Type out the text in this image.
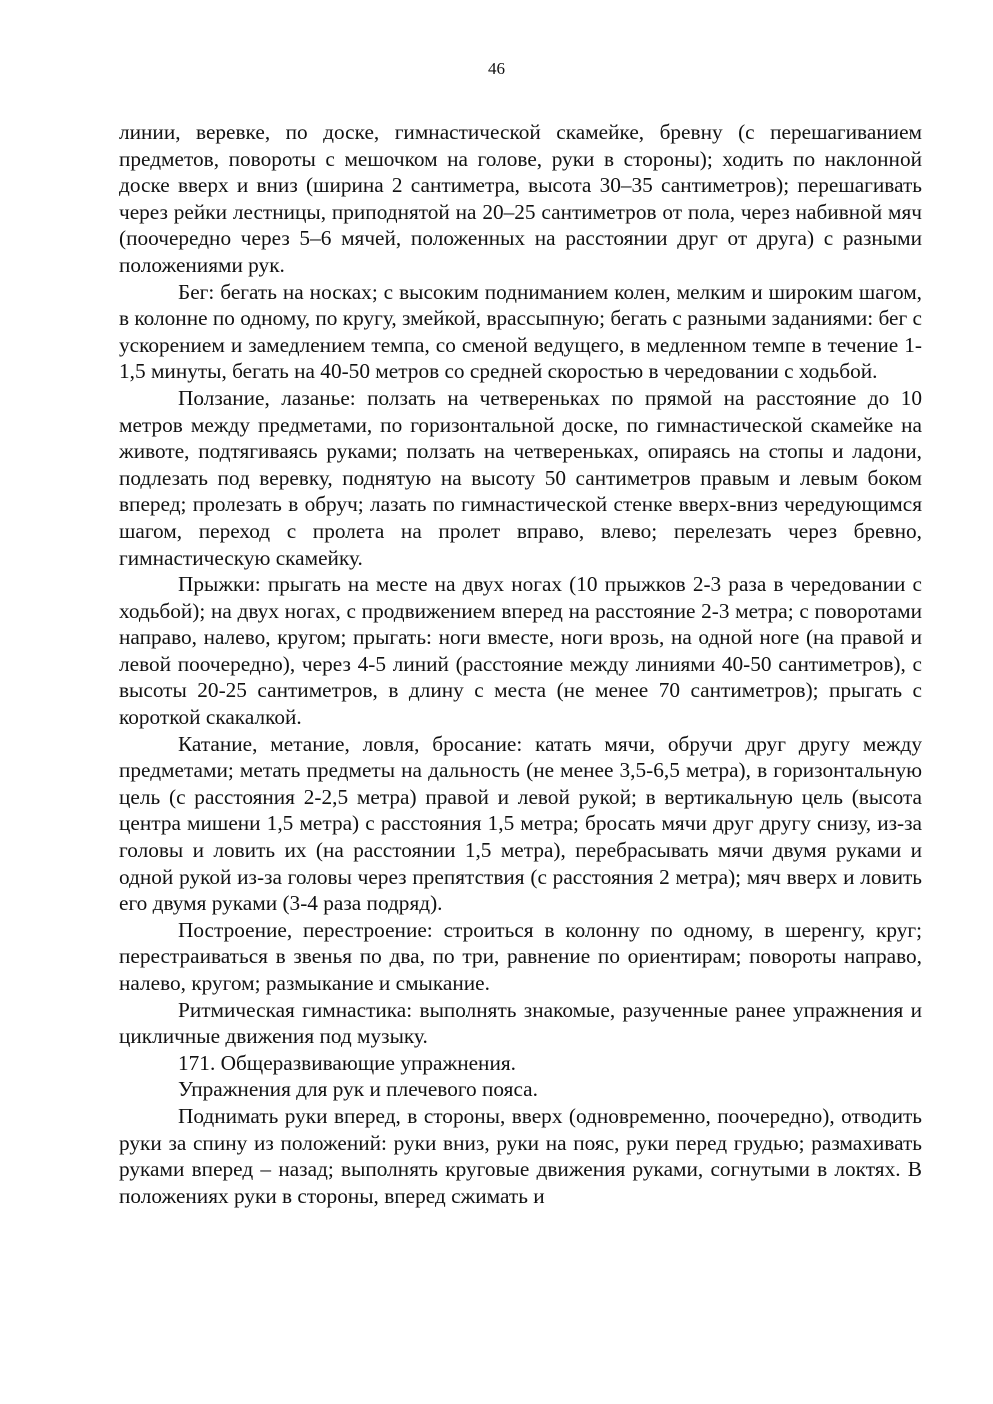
46

линии, веревке, по доске, гимнастической скамейке, бревну (с перешагиванием предметов, повороты с мешочком на голове, руки в стороны); ходить по наклонной доске вверх и вниз (ширина 2 сантиметра, высота 30–35 сантиметров); перешагивать через рейки лестницы, приподнятой на 20–25 сантиметров от пола, через набивной мяч (поочередно через 5–6 мячей, положенных на расстоянии друг от друга) с разными положениями рук.

Бег: бегать на носках; с высоким подниманием колен, мелким и широким шагом, в колонне по одному, по кругу, змейкой, врассыпную; бегать с разными заданиями: бег с ускорением и замедлением темпа, со сменой ведущего, в медленном темпе в течение 1-1,5 минуты, бегать на 40-50 метров со средней скоростью в чередовании с ходьбой.

Ползание, лазанье: ползать на четвереньках по прямой на расстояние до 10 метров между предметами, по горизонтальной доске, по гимнастической скамейке на животе, подтягиваясь руками; ползать на четвереньках, опираясь на стопы и ладони, подлезать под веревку, поднятую на высоту 50 сантиметров правым и левым боком вперед; пролезать в обруч; лазать по гимнастической стенке вверх-вниз чередующимся шагом, переход с пролета на пролет вправо, влево; перелезать через бревно, гимнастическую скамейку.

Прыжки: прыгать на месте на двух ногах (10 прыжков 2-3 раза в чередовании с ходьбой); на двух ногах, с продвижением вперед на расстояние 2-3 метра; с поворотами направо, налево, кругом; прыгать: ноги вместе, ноги врозь, на одной ноге (на правой и левой поочередно), через 4-5 линий (расстояние между линиями 40-50 сантиметров), с высоты 20-25 сантиметров, в длину с места (не менее 70 сантиметров); прыгать с короткой скакалкой.

Катание, метание, ловля, бросание: катать мячи, обручи друг другу между предметами; метать предметы на дальность (не менее 3,5-6,5 метра), в горизонтальную цель (с расстояния 2-2,5 метра) правой и левой рукой; в вертикальную цель (высота центра мишени 1,5 метра) с расстояния 1,5 метра; бросать мячи друг другу снизу, из-за головы и ловить их (на расстоянии 1,5 метра), перебрасывать мячи двумя руками и одной рукой из-за головы через препятствия (с расстояния 2 метра); мяч вверх и ловить его двумя руками (3-4 раза подряд).

Построение, перестроение: строиться в колонну по одному, в шеренгу, круг; перестраиваться в звенья по два, по три, равнение по ориентирам; повороты направо, налево, кругом; размыкание и смыкание.

Ритмическая гимнастика: выполнять знакомые, разученные ранее упражнения и цикличные движения под музыку.

171. Общеразвивающие упражнения.

Упражнения для рук и плечевого пояса.

Поднимать руки вперед, в стороны, вверх (одновременно, поочередно), отводить руки за спину из положений: руки вниз, руки на пояс, руки перед грудью; размахивать руками вперед – назад; выполнять круговые движения руками, согнутыми в локтях. В положениях руки в стороны, вперед сжимать и
